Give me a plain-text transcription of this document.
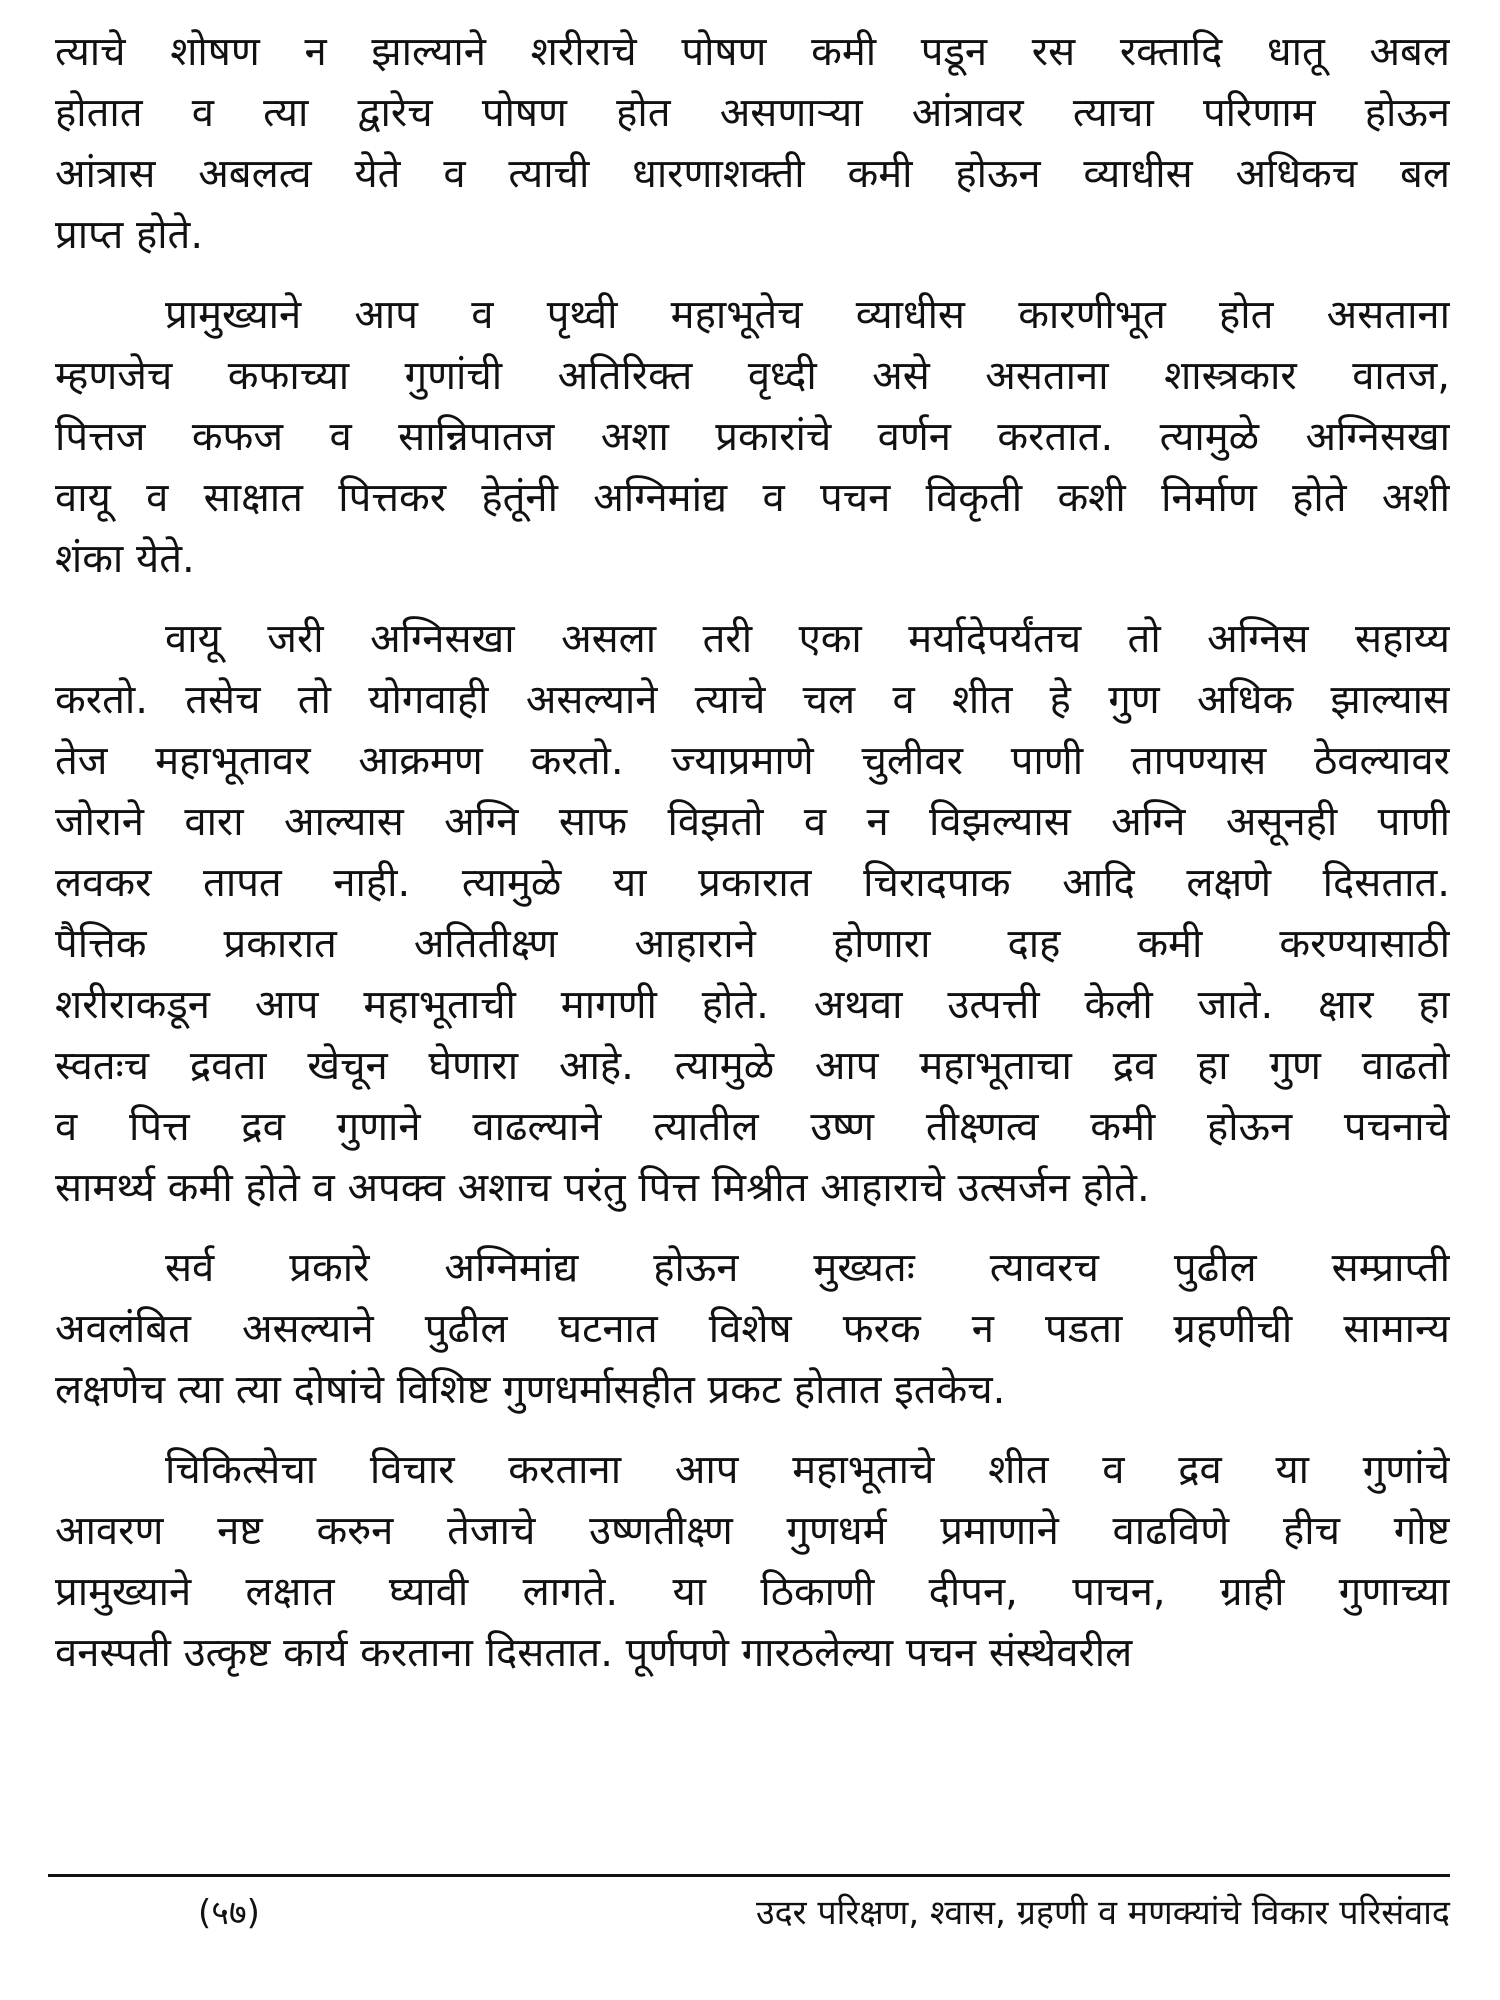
त्याचे शोषण न झाल्याने शरीराचे पोषण कमी पडून रस रक्तादि धातू अबल
होतात व त्या द्वारेच पोषण होत असणाऱ्या आंत्रावर त्याचा परिणाम होऊन
आंत्रास अबलत्व येते व त्याची धारणाशक्ती कमी होऊन व्याधीस अधिकच बल
प्राप्त होते.
प्रामुख्याने आप व पृथ्वी महाभूतेच व्याधीस कारणीभूत होत असताना
म्हणजेच कफाच्या गुणांची अतिरिक्त वृध्दी असे असताना शास्त्रकार वातज,
पित्तज कफज व सान्निपातज अशा प्रकारांचे वर्णन करतात. त्यामुळे अग्निसखा
वायू व साक्षात पित्तकर हेतूंनी अग्निमांद्य व पचन विकृती कशी निर्माण होते अशी
शंका येते.
वायू जरी अग्निसखा असला तरी एका मर्यादेपर्यंतच तो अग्निस सहाय्य
करतो. तसेच तो योगवाही असल्याने त्याचे चल व शीत हे गुण अधिक झाल्यास
तेज महाभूतावर आक्रमण करतो. ज्याप्रमाणे चुलीवर पाणी तापण्यास ठेवल्यावर
जोराने वारा आल्यास अग्नि साफ विझतो व न विझल्यास अग्नि असूनही पाणी
लवकर तापत नाही. त्यामुळे या प्रकारात चिरादपाक आदि लक्षणे दिसतात.
पैत्तिक प्रकारात अतितीक्ष्ण आहाराने होणारा दाह कमी करण्यासाठी
शरीराकडून आप महाभूताची मागणी होते. अथवा उत्पत्ती केली जाते. क्षार हा
स्वतःच द्रवता खेचून घेणारा आहे. त्यामुळे आप महाभूताचा द्रव हा गुण वाढतो
व पित्त द्रव गुणाने वाढल्याने त्यातील उष्ण तीक्ष्णत्व कमी होऊन पचनाचे
सामर्थ्य कमी होते व अपक्व अशाच परंतु पित्त मिश्रीत आहाराचे उत्सर्जन होते.
सर्व प्रकारे अग्निमांद्य होऊन मुख्यतः त्यावरच पुढील सम्प्राप्ती
अवलंबित असल्याने पुढील घटनात विशेष फरक न पडता ग्रहणीची सामान्य
लक्षणेच त्या त्या दोषांचे विशिष्ट गुणधर्मासहीत प्रकट होतात इतकेच.
चिकित्सेचा विचार करताना आप महाभूताचे शीत व द्रव या गुणांचे
आवरण नष्ट करुन तेजाचे उष्णतीक्ष्ण गुणधर्म प्रमाणाने वाढविणे हीच गोष्ट
प्रामुख्याने लक्षात घ्यावी लागते. या ठिकाणी दीपन, पाचन, ग्राही गुणाच्या
वनस्पती उत्कृष्ट कार्य करताना दिसतात. पूर्णपणे गारठलेल्या पचन संस्थेवरील
(५७)	उदर परिक्षण, श्वास, ग्रहणी व मणक्यांचे विकार परिसंवाद
